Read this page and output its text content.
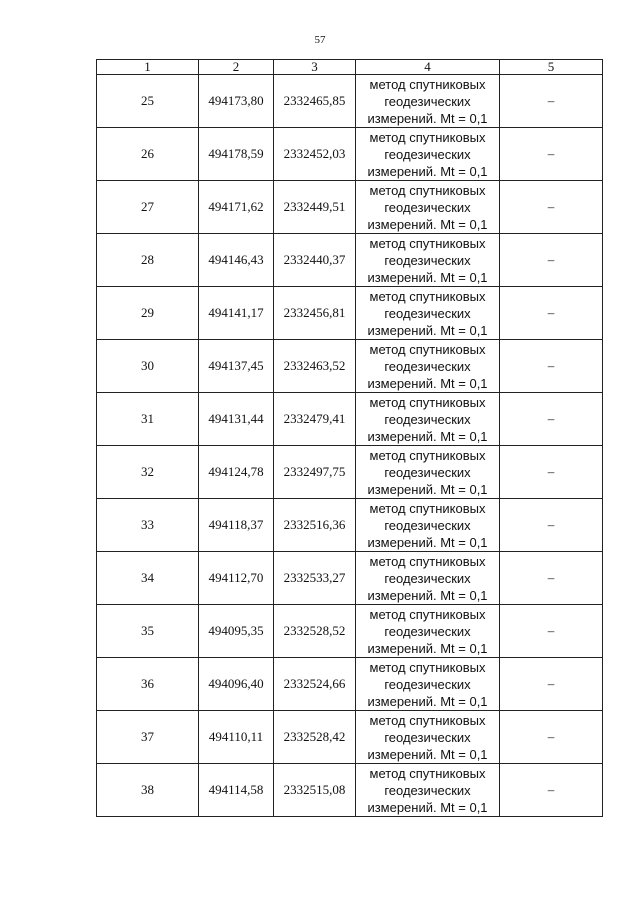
57
1	2	3	4	5
25	494173,80	2332465,85	метод спутниковых
геодезических
измерений. Mt = 0,1	–
26	494178,59	2332452,03	метод спутниковых
геодезических
измерений. Mt = 0,1	–
27	494171,62	2332449,51	метод спутниковых
геодезических
измерений. Mt = 0,1	–
28	494146,43	2332440,37	метод спутниковых
геодезических
измерений. Mt = 0,1	–
29	494141,17	2332456,81	метод спутниковых
геодезических
измерений. Mt = 0,1	–
30	494137,45	2332463,52	метод спутниковых
геодезических
измерений. Mt = 0,1	–
31	494131,44	2332479,41	метод спутниковых
геодезических
измерений. Mt = 0,1	–
32	494124,78	2332497,75	метод спутниковых
геодезических
измерений. Mt = 0,1	–
33	494118,37	2332516,36	метод спутниковых
геодезических
измерений. Mt = 0,1	–
34	494112,70	2332533,27	метод спутниковых
геодезических
измерений. Mt = 0,1	–
35	494095,35	2332528,52	метод спутниковых
геодезических
измерений. Mt = 0,1	–
36	494096,40	2332524,66	метод спутниковых
геодезических
измерений. Mt = 0,1	–
37	494110,11	2332528,42	метод спутниковых
геодезических
измерений. Mt = 0,1	–
38	494114,58	2332515,08	метод спутниковых
геодезических
измерений. Mt = 0,1	–
